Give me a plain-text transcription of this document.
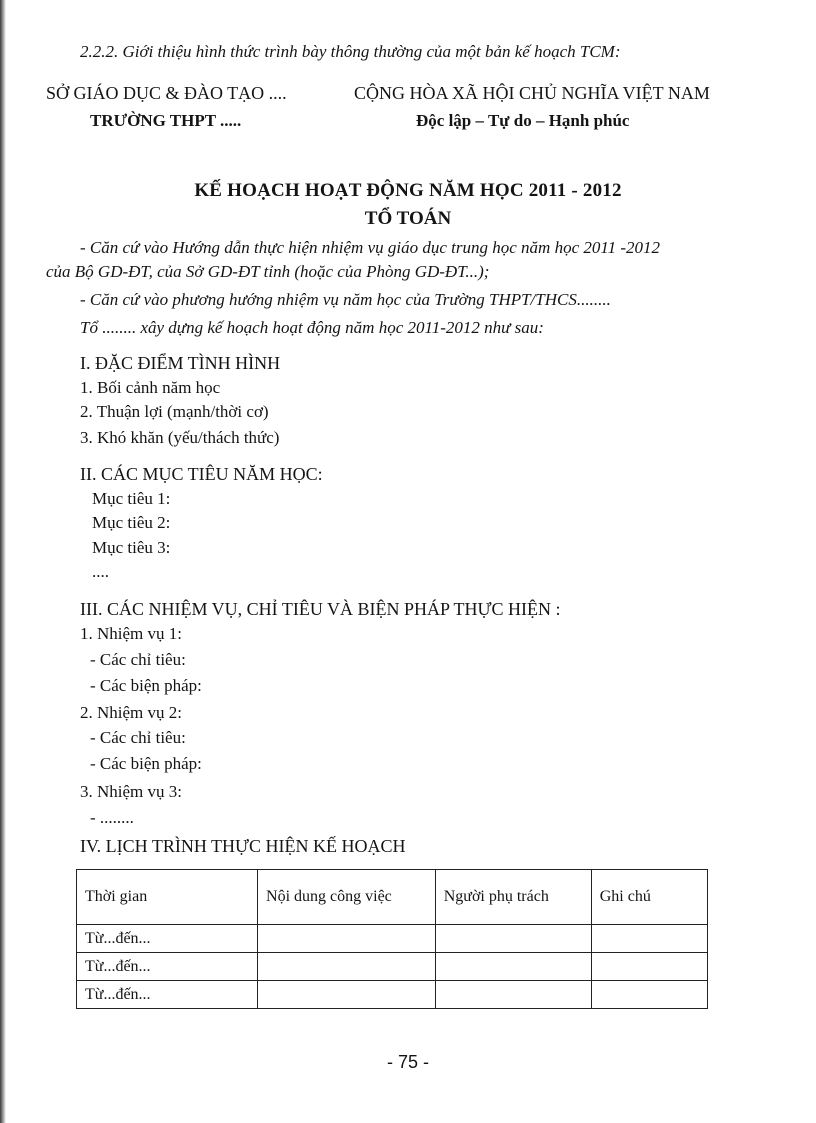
2.2.2. Giới thiệu hình thức trình bày thông thường của một bản kế hoạch TCM:
SỞ GIÁO DỤC & ĐÀO TẠO ....
TRƯỜNG THPT .....
CỘNG HÒA XÃ HỘI CHỦ NGHĨA VIỆT NAM
Độc lập – Tự do – Hạnh phúc
KẾ HOẠCH HOẠT ĐỘNG NĂM HỌC 2011 - 2012
TỔ TOÁN
- Căn cứ vào Hướng dẫn thực hiện nhiệm vụ giáo dục trung học năm học 2011 -2012
của Bộ GD-ĐT, của Sở GD-ĐT tỉnh (hoặc của Phòng GD-ĐT...);
- Căn cứ vào phương hướng nhiệm vụ năm học của Trường THPT/THCS........
Tổ ........ xây dựng kế hoạch hoạt động năm học 2011-2012 như sau:
I. ĐẶC ĐIỂM TÌNH HÌNH
1. Bối cảnh năm học
2. Thuận lợi (mạnh/thời cơ)
3. Khó khăn (yếu/thách thức)
II. CÁC MỤC TIÊU NĂM HỌC:
Mục tiêu 1:
Mục tiêu 2:
Mục tiêu 3:
....
III. CÁC NHIỆM VỤ, CHỈ TIÊU VÀ BIỆN PHÁP THỰC HIỆN :
1. Nhiệm vụ 1:
- Các chỉ tiêu:
- Các biện pháp:
2. Nhiệm vụ 2:
- Các chỉ tiêu:
- Các biện pháp:
3. Nhiệm vụ 3:
- ........
IV. LỊCH TRÌNH THỰC HIỆN KẾ HOẠCH
Thời gian	Nội dung công việc	Người phụ trách	Ghi chú
Từ...đến...			
Từ...đến...			
Từ...đến...			
- 75 -
